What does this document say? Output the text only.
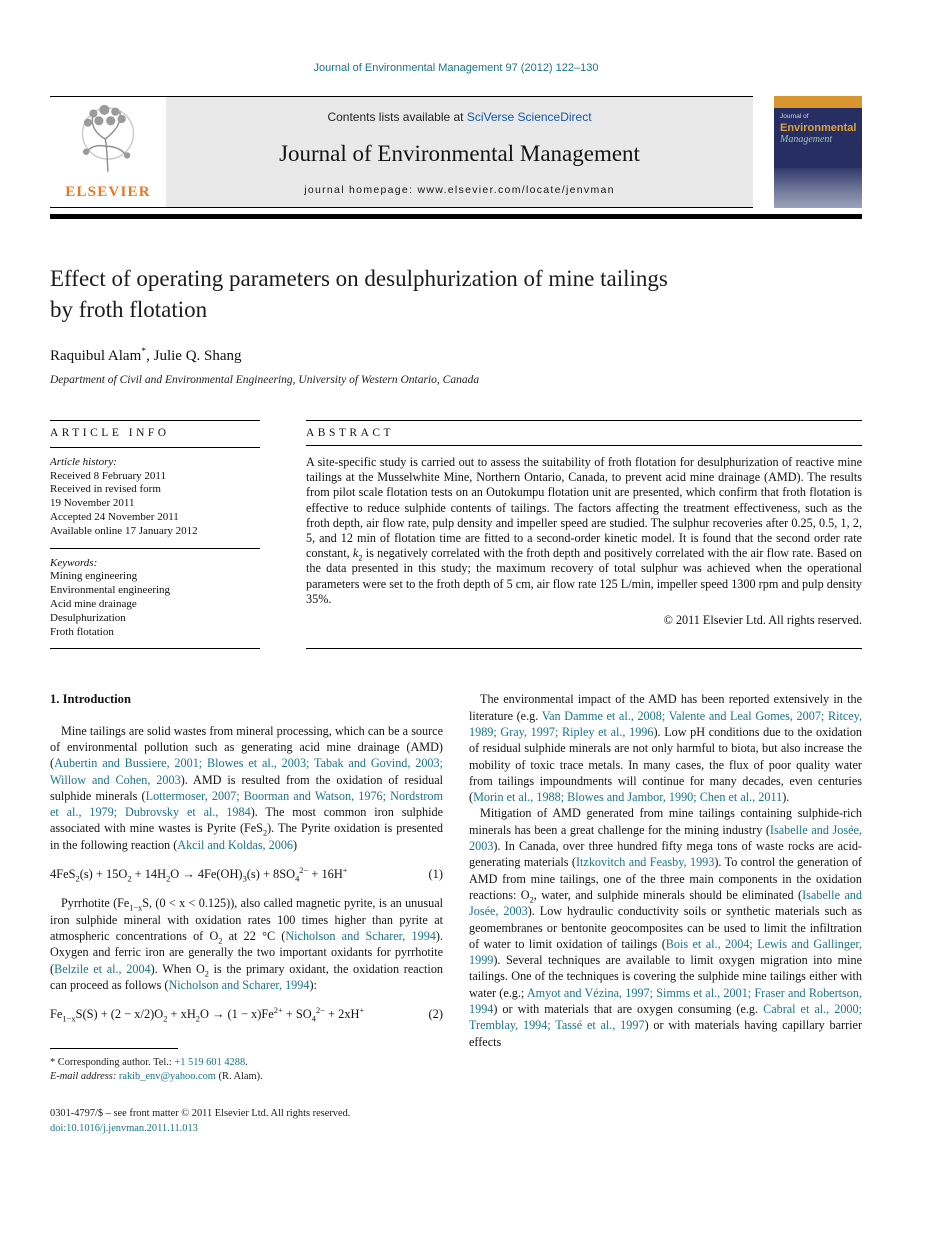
Journal of Environmental Management 97 (2012) 122–130
ELSEVIER
Contents lists available at SciVerse ScienceDirect
Journal of Environmental Management
journal homepage: www.elsevier.com/locate/jenvman
Journal of
Environmental
Management
Effect of operating parameters on desulphurization of mine tailings
by froth flotation
Raquibul Alam*, Julie Q. Shang
Department of Civil and Environmental Engineering, University of Western Ontario, Canada
ARTICLE INFO
Article history:
Received 8 February 2011
Received in revised form
19 November 2011
Accepted 24 November 2011
Available online 17 January 2012
Keywords:
Mining engineering
Environmental engineering
Acid mine drainage
Desulphurization
Froth flotation
ABSTRACT
A site-specific study is carried out to assess the suitability of froth flotation for desulphurization of reactive mine tailings at the Musselwhite Mine, Northern Ontario, Canada, to prevent acid mine drainage (AMD). The results from pilot scale flotation tests on an Outokumpu flotation unit are presented, which confirm that froth flotation is effective to reduce sulphide contents of tailings. The factors affecting the treatment effectiveness, such as the froth depth, air flow rate, pulp density and impeller speed are studied. The sulphur recoveries after 0.25, 0.5, 1, 2, 5, and 12 min of flotation time are fitted to a second-order kinetic model. It is found that the second order rate constant, $k_2$ is negatively correlated with the froth depth and positively correlated with the air flow rate. Based on the data presented in this study; the maximum recovery of total sulphur was achieved when the operational parameters were set to the froth depth of 5 cm, air flow rate 125 L/min, impeller speed 1300 rpm and pulp density 35%.
© 2011 Elsevier Ltd. All rights reserved.
1. Introduction

Mine tailings are solid wastes from mineral processing, which can be a source of environmental pollution such as generating acid mine drainage (AMD) (Aubertin and Bussiere, 2001; Blowes et al., 2003; Tabak and Govind, 2003; Willow and Cohen, 2003). AMD is resulted from the oxidation of residual sulphide minerals (Lottermoser, 2007; Boorman and Watson, 1976; Nordstrom et al., 1979; Dubrovsky et al., 1984). The most common iron sulphide associated with mine wastes is Pyrite (FeS$_2$). The Pyrite oxidation is presented in the following reaction (Akcil and Koldas, 2006)

$4FeS_2(s) + 15O_2 + 14H_2O \to 4Fe(OH)_3(s) + 8SO_4^{2-} + 16H^+$	(1)

Pyrrhotite ($Fe_{1-x}S$, (0 < x < 0.125)), also called magnetic pyrite, is an unusual iron sulphide mineral with oxidation rates 100 times higher than pyrite at atmospheric concentrations of $O_2$ at 22 °C (Nicholson and Scharer, 1994). Oxygen and ferric iron are generally the two important oxidants for pyrrhotite (Belzile et al., 2004). When $O_2$ is the primary oxidant, the oxidation reaction can proceed as follows (Nicholson and Scharer, 1994):

$Fe_{1-x}S(S) + (2 - x/2)O_2 + xH_2O \to (1 - x)Fe^{2+} + SO_4^{2-} + 2xH^+$	(2)
* Corresponding author. Tel.: +1 519 601 4288.
E-mail address: rakib_env@yahoo.com (R. Alam).

The environmental impact of the AMD has been reported extensively in the literature (e.g. Van Damme et al., 2008; Valente and Leal Gomes, 2007; Ritcey, 1989; Gray, 1997; Ripley et al., 1996). Low pH conditions due to the oxidation of residual sulphide minerals are not only harmful to biota, but also increase the mobility of toxic trace metals. In many cases, the flux of poor quality water from tailings impoundments will continue for many decades, even centuries (Morin et al., 1988; Blowes and Jambor, 1990; Chen et al., 2011).

Mitigation of AMD generated from mine tailings containing sulphide-rich minerals has been a great challenge for the mining industry (Isabelle and Josée, 2003). In Canada, over three hundred fifty mega tons of waste rocks are acid-generating materials (Itzkovitch and Feasby, 1993). To control the generation of AMD from mine tailings, one of the three main components in the oxidation reactions: $O_2$, water, and sulphide minerals should be eliminated (Isabelle and Josée, 2003). Low hydraulic conductivity soils or synthetic materials such as geomembranes or bentonite geocomposites can be used to limit the infiltration of water to limit oxidation of tailings (Bois et al., 2004; Lewis and Gallinger, 1999). Several techniques are available to limit oxygen migration into mine tailings. One of the techniques is covering the sulphide mine tailings either with water (e.g.; Amyot and Vézina, 1997; Simms et al., 2001; Fraser and Robertson, 1994) or with materials that are oxygen consuming (e.g. Cabral et al., 2000; Tremblay, 1994; Tassé et al., 1997) or with materials having capillary barrier effects

0301-4797/$ – see front matter © 2011 Elsevier Ltd. All rights reserved.
doi:10.1016/j.jenvman.2011.11.013
